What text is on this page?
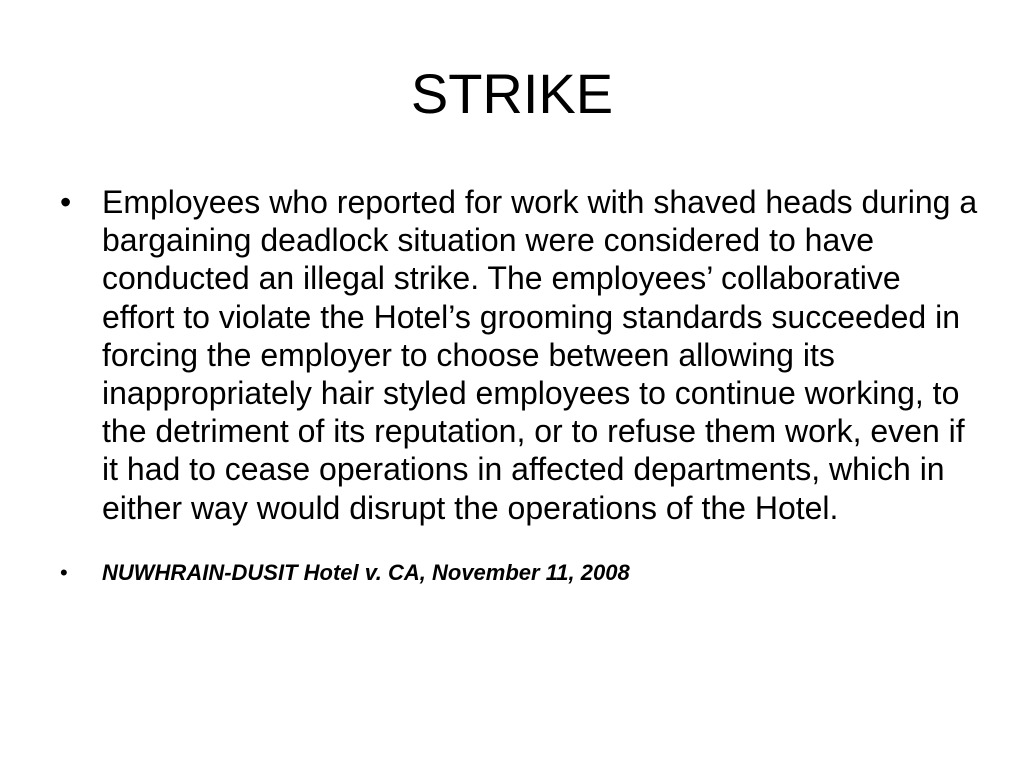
STRIKE
• Employees who reported for work with shaved heads during a bargaining deadlock situation were considered to have conducted an illegal strike. The employees’ collaborative effort to violate the Hotel’s grooming standards succeeded in forcing the employer to choose between allowing its inappropriately hair styled employees to continue working, to the detriment of its reputation, or to refuse them work, even if it had to cease operations in affected departments, which in either way would disrupt the operations of the Hotel.
• NUWHRAIN-DUSIT Hotel v. CA, November 11, 2008
